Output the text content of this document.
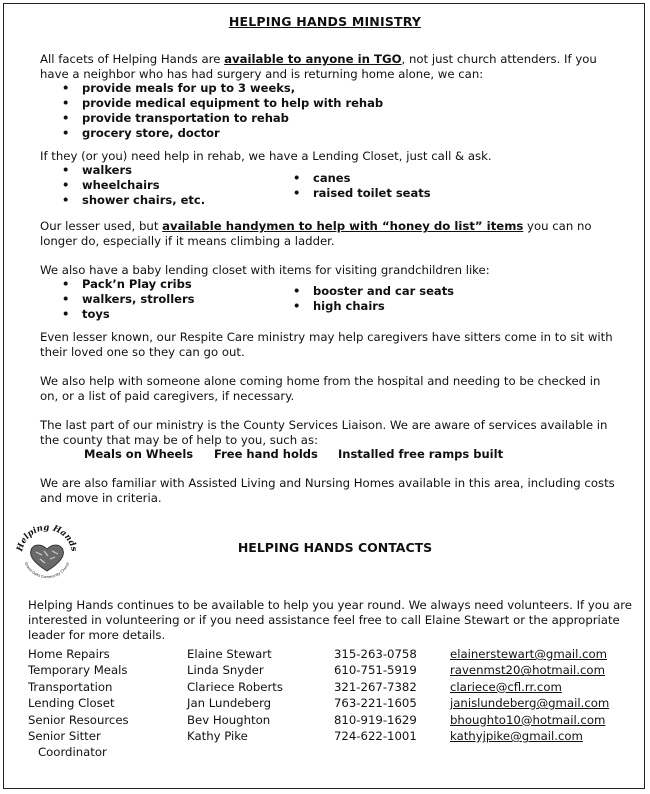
HELPING HANDS MINISTRY
All facets of Helping Hands are available to anyone in TGO, not just church attenders. If you have a neighbor who has had surgery and is returning home alone, we can:
• provide meals for up to 3 weeks,
• provide medical equipment to help with rehab
• provide transportation to rehab
• grocery store, doctor
If they (or you) need help in rehab, we have a Lending Closet, just call & ask.
• walkers
• wheelchairs
• shower chairs, etc.
• canes
• raised toilet seats
Our lesser used, but available handymen to help with “honey do list” items you can no longer do, especially if it means climbing a ladder.
We also have a baby lending closet with items for visiting grandchildren like:
• Pack’n Play cribs
• walkers, strollers
• toys
• booster and car seats
• high chairs
Even lesser known, our Respite Care ministry may help caregivers have sitters come in to sit with their loved one so they can go out.
We also help with someone alone coming home from the hospital and needing to be checked in on, or a list of paid caregivers, if necessary.
The last part of our ministry is the County Services Liaison. We are aware of services available in the county that may be of help to you, such as:
Meals on Wheels Free hand holds Installed free ramps built
We are also familiar with Assisted Living and Nursing Homes available in this area, including costs and move in criteria.
Helping Hands
Grand Oaks Community Church
HELPING HANDS CONTACTS
Helping Hands continues to be available to help you year round. We always need volunteers. If you are interested in volunteering or if you need assistance feel free to call Elaine Stewart or the appropriate leader for more details.
Home Repairs	Elaine Stewart	315-263-0758	elainerstewart@gmail.com
Temporary Meals	Linda Snyder	610-751-5919	ravenmst20@hotmail.com
Transportation	Clariece Roberts	321-267-7382	clariece@cfl.rr.com
Lending Closet	Jan Lundeberg	763-221-1605	janislundeberg@gmail.com
Senior Resources	Bev Houghton	810-919-1629	bhoughto10@hotmail.com
Senior Sitter	Kathy Pike	724-622-1001	kathyjpike@gmail.com
Coordinator
